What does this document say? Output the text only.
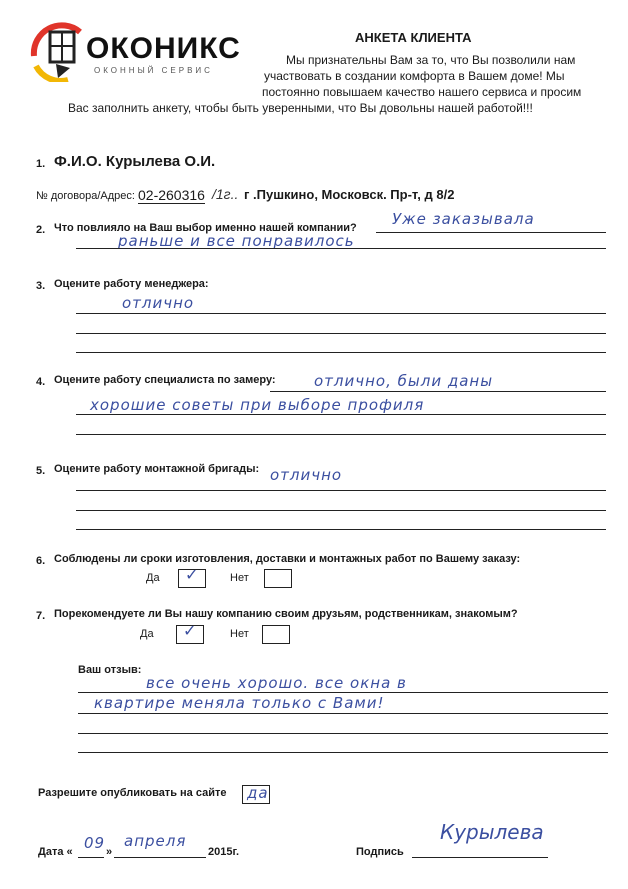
ОКОНИКС
ОКОННЫЙ СЕРВИС
АНКЕТА КЛИЕНТА
Мы признательны Вам за то, что Вы позволили нам
участвовать в создании комфорта в Вашем доме! Мы
постоянно повышаем качество нашего сервиса и просим
Вас заполнить анкету, чтобы быть уверенными, что Вы довольны нашей работой!!!
1. Ф.И.О. Курылева О.И.
№ договора/Адрес: 02-260316 /1г.. г .Пушкино, Московск. Пр-т, д 8/2
2. Что повлияло на Ваш выбор именно нашей компании? Уже заказывала
раньше и все понравилось
3. Оцените работу менеджера:
отлично
4. Оцените работу специалиста по замеру:	отлично, были даны
хорошие советы при выборе профиля
5. Оцените работу монтажной бригады: отлично
6. Соблюдены ли сроки изготовления, доставки и монтажных работ по Вашему заказу:
Да ✓	Нет
7. Порекомендуете ли Вы нашу компанию своим друзьям, родственникам, знакомым?
Да ✓	Нет
Ваш отзыв:
все очень хорошо. все окна в
квартире меняла только с Вами!
Разрешите опубликовать на сайте да
Дата « 09 »
апреля
2015г.	Подпись
Курылева
